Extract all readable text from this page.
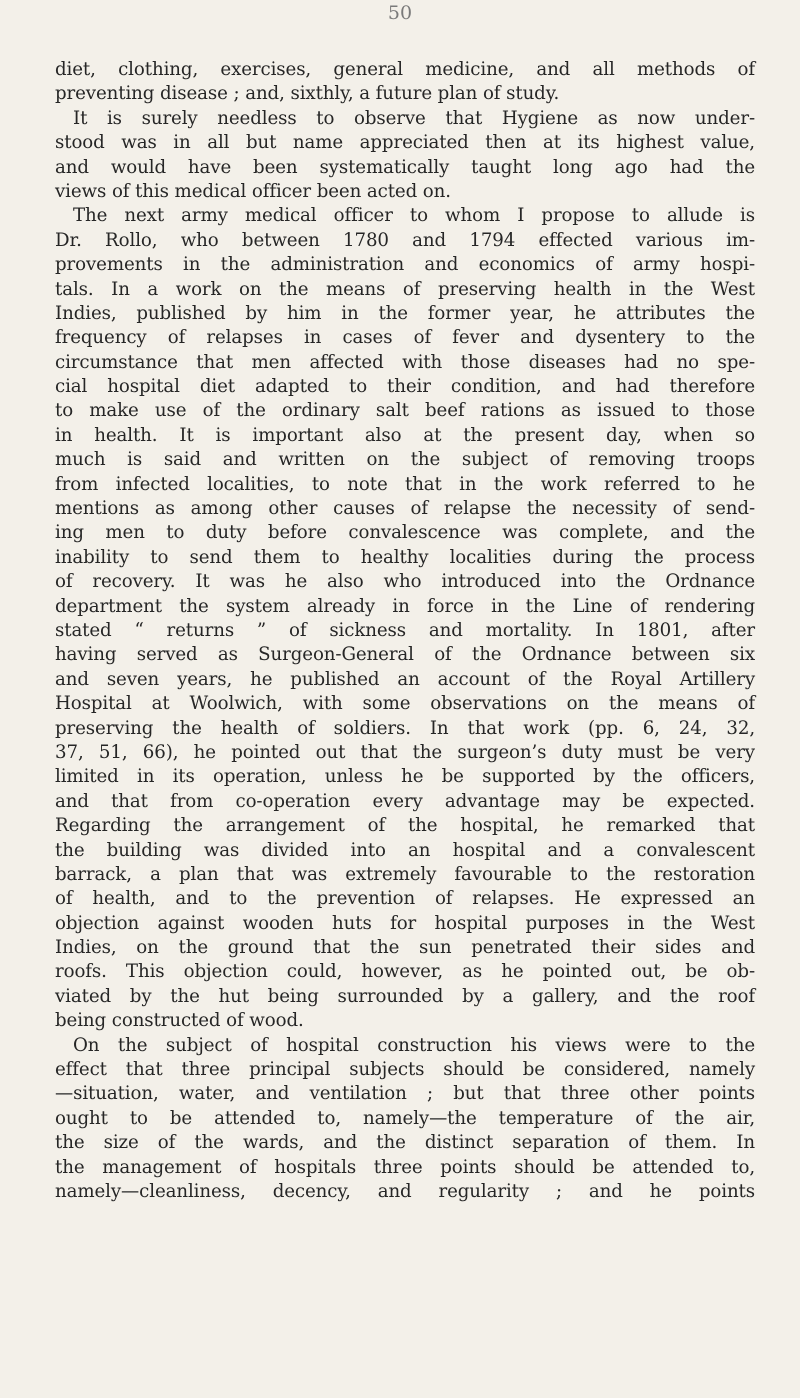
50
diet, clothing, exercises, general medicine, and all methods of
preventing disease ; and, sixthly, a future plan of study.
It is surely needless to observe that Hygiene as now under-
stood was in all but name appreciated then at its highest value,
and would have been systematically taught long ago had the
views of this medical officer been acted on.
The next army medical officer to whom I propose to allude is
Dr. Rollo, who between 1780 and 1794 effected various im-
provements in the administration and economics of army hospi-
tals. In a work on the means of preserving health in the West
Indies, published by him in the former year, he attributes the
frequency of relapses in cases of fever and dysentery to the
circumstance that men affected with those diseases had no spe-
cial hospital diet adapted to their condition, and had therefore
to make use of the ordinary salt beef rations as issued to those
in health. It is important also at the present day, when so
much is said and written on the subject of removing troops
from infected localities, to note that in the work referred to he
mentions as among other causes of relapse the necessity of send-
ing men to duty before convalescence was complete, and the
inability to send them to healthy localities during the process
of recovery. It was he also who introduced into the Ordnance
department the system already in force in the Line of rendering
stated “ returns ” of sickness and mortality. In 1801, after
having served as Surgeon-General of the Ordnance between six
and seven years, he published an account of the Royal Artillery
Hospital at Woolwich, with some observations on the means of
preserving the health of soldiers. In that work (pp. 6, 24, 32,
37, 51, 66), he pointed out that the surgeon’s duty must be very
limited in its operation, unless he be supported by the officers,
and that from co-operation every advantage may be expected.
Regarding the arrangement of the hospital, he remarked that
the building was divided into an hospital and a convalescent
barrack, a plan that was extremely favourable to the restoration
of health, and to the prevention of relapses. He expressed an
objection against wooden huts for hospital purposes in the West
Indies, on the ground that the sun penetrated their sides and
roofs. This objection could, however, as he pointed out, be ob-
viated by the hut being surrounded by a gallery, and the roof
being constructed of wood.
On the subject of hospital construction his views were to the
effect that three principal subjects should be considered, namely
—situation, water, and ventilation ; but that three other points
ought to be attended to, namely—the temperature of the air,
the size of the wards, and the distinct separation of them. In
the management of hospitals three points should be attended to,
namely—cleanliness, decency, and regularity ; and he points
